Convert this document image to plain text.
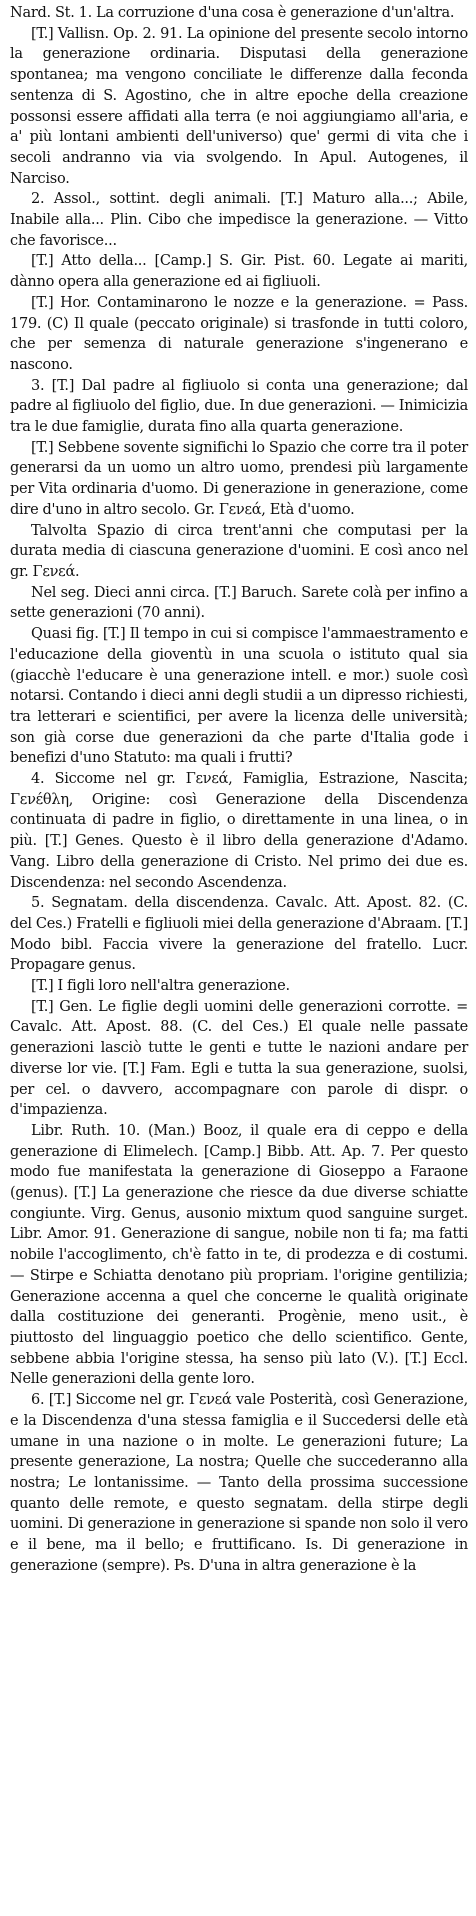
Nard. St. 1. La corruzione d'una cosa è generazione d'un'altra.

[T.] Vallisn. Op. 2. 91. La opinione del presente secolo intorno la generazione ordinaria. Disputasi della generazione spontanea; ma vengono conciliate le differenze dalla feconda sentenza di S. Agostino, che in altre epoche della creazione possonsi essere affidati alla terra (e noi aggiungiamo all'aria, e a' più lontani ambienti dell'universo) que' germi di vita che i secoli andranno via via svolgendo. In Apul. Autogenes, il Narciso.

2. Assol., sottint. degli animali. [T.] Maturo alla...; Abile, Inabile alla... Plin. Cibo che impedisce la generazione. — Vitto che favorisce...

[T.] Atto della... [Camp.] S. Gir. Pist. 60. Legate ai mariti, dànno opera alla generazione ed ai figliuoli.

[T.] Hor. Contaminarono le nozze e la generazione. = Pass. 179. (C) Il quale (peccato originale) si trasfonde in tutti coloro, che per semenza di naturale generazione s'ingenerano e nascono.

3. [T.] Dal padre al figliuolo si conta una generazione; dal padre al figliuolo del figlio, due. In due generazioni. — Inimicizia tra le due famiglie, durata fino alla quarta generazione.

[T.] Sebbene sovente significhi lo Spazio che corre tra il poter generarsi da un uomo un altro uomo, prendesi più largamente per Vita ordinaria d'uomo. Di generazione in generazione, come dire d'uno in altro secolo. Gr. Γενεά, Età d'uomo.

Talvolta Spazio di circa trent'anni che computasi per la durata media di ciascuna generazione d'uomini. E così anco nel gr. Γενεά.

Nel seg. Dieci anni circa. [T.] Baruch. Sarete colà per infino a sette generazioni (70 anni).

Quasi fig. [T.] Il tempo in cui si compisce l'ammaestramento e l'educazione della gioventù in una scuola o istituto qual sia (giacchè l'educare è una generazione intell. e mor.) suole così notarsi. Contando i dieci anni degli studii a un dipresso richiesti, tra letterari e scientifici, per avere la licenza delle università; son già corse due generazioni da che parte d'Italia gode i benefizi d'uno Statuto: ma quali i frutti?

4. Siccome nel gr. Γενεά, Famiglia, Estrazione, Nascita; Γενέθλη, Origine: così Generazione della Discendenza continuata di padre in figlio, o direttamente in una linea, o in più. [T.] Genes. Questo è il libro della generazione d'Adamo. Vang. Libro della generazione di Cristo. Nel primo dei due es. Discendenza: nel secondo Ascendenza.

5. Segnatam. della discendenza. Cavalc. Att. Apost. 82. (C. del Ces.) Fratelli e figliuoli miei della generazione d'Abraam. [T.] Modo bibl. Faccia vivere la generazione del fratello. Lucr. Propagare genus.

[T.] I figli loro nell'altra generazione.

[T.] Gen. Le figlie degli uomini delle generazioni corrotte. = Cavalc. Att. Apost. 88. (C. del Ces.) El quale nelle passate generazioni lasciò tutte le genti e tutte le nazioni andare per diverse lor vie. [T.] Fam. Egli e tutta la sua generazione, suolsi, per cel. o davvero, accompagnare con parole di dispr. o d'impazienza.

Libr. Ruth. 10. (Man.) Booz, il quale era di ceppo e della generazione di Elimelech. [Camp.] Bibb. Att. Ap. 7. Per questo modo fue manifestata la generazione di Gioseppo a Faraone (genus). [T.] La generazione che riesce da due diverse schiatte congiunte. Virg. Genus, ausonio mixtum quod sanguine surget. Libr. Amor. 91. Generazione di sangue, nobile non ti fa; ma fatti nobile l'accoglimento, ch'è fatto in te, di prodezza e di costumi. — Stirpe e Schiatta denotano più propriam. l'origine gentilizia; Generazione accenna a quel che concerne le qualità originate dalla costituzione dei generanti. Progènie, meno usit., è piuttosto del linguaggio poetico che dello scientifico. Gente, sebbene abbia l'origine stessa, ha senso più lato (V.). [T.] Eccl. Nelle generazioni della gente loro.

6. [T.] Siccome nel gr. Γενεά vale Posterità, così Generazione, e la Discendenza d'una stessa famiglia e il Succedersi delle età umane in una nazione o in molte. Le generazioni future; La presente generazione, La nostra; Quelle che succederanno alla nostra; Le lontanissime. — Tanto della prossima successione quanto delle remote, e questo segnatam. della stirpe degli uomini. Di generazione in generazione si spande non solo il vero e il bene, ma il bello; e fruttificano. Is. Di generazione in generazione (sempre). Ps. D'una in altra generazione è la
